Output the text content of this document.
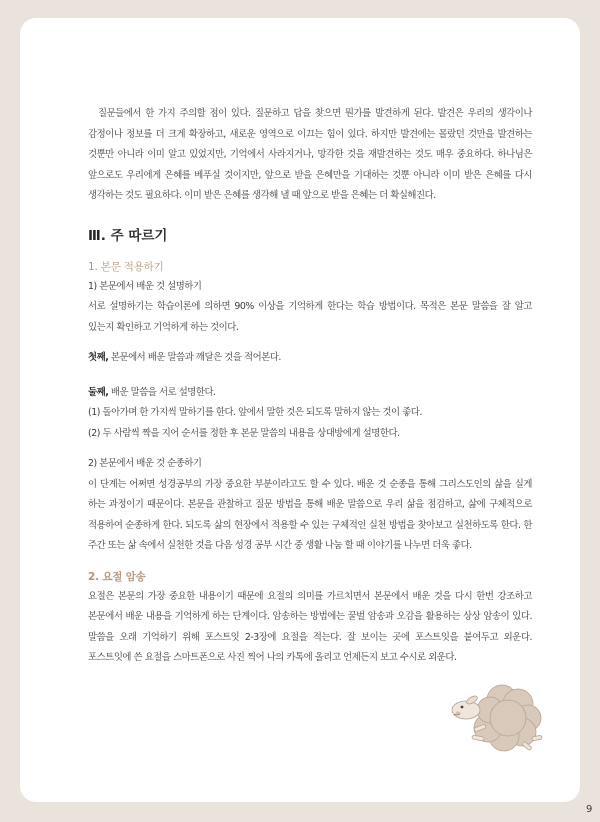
질문들에서 한 가지 주의할 점이 있다. 질문하고 답을 찾으면 뭔가를 발견하게 된다. 발견은 우리의 생각이나 감정이나 정보를 더 크게 확장하고, 새로운 영역으로 이끄는 힘이 있다. 하지만 발견에는 몰랐던 것만을 발견하는 것뿐만 아니라 이미 알고 있었지만, 기억에서 사라지거나, 망각한 것을 재발견하는 것도 매우 중요하다. 하나님은 앞으로도 우리에게 은혜를 베푸실 것이지만, 앞으로 받을 은혜만을 기대하는 것뿐 아니라 이미 받은 은혜를 다시 생각하는 것도 필요하다. 이미 받은 은혜를 생각해 낼 때 앞으로 받을 은혜는 더 확실해진다.

Ⅲ. 주 따르기

1. 본문 적용하기

1) 본문에서 배운 것 설명하기

서로 설명하기는 학습이론에 의하면 90% 이상을 기억하게 한다는 학습 방법이다. 목적은 본문 말씀을 잘 알고 있는지 확인하고 기억하게 하는 것이다.

첫째, 본문에서 배운 말씀과 깨달은 것을 적어본다.

둘째, 배운 말씀을 서로 설명한다.

(1) 돌아가며 한 가지씩 말하기를 한다. 앞에서 말한 것은 되도록 말하지 않는 것이 좋다.

(2) 두 사람씩 짝을 지어 순서를 정한 후 본문 말씀의 내용을 상대방에게 설명한다.

2) 본문에서 배운 것 순종하기

이 단계는 어쩌면 성경공부의 가장 중요한 부분이라고도 할 수 있다. 배운 것 순종을 통해 그리스도인의 삶을 실게 하는 과정이기 때문이다. 본문을 관찰하고 질문 방법을 통해 배운 말씀으로 우리 삶을 점검하고, 삶에 구체적으로 적용하여 순종하게 한다. 되도록 삶의 현장에서 적용할 수 있는 구체적인 실천 방법을 찾아보고 실천하도록 한다. 한 주간 또는 삶 속에서 실천한 것을 다음 성경 공부 시간 중 생활 나눔 할 때 이야기를 나누면 더욱 좋다.

2. 요절 암송

요절은 본문의 가장 중요한 내용이기 때문에 요절의 의미를 가르치면서 본문에서 배운 것을 다시 한번 강조하고 본문에서 배운 내용을 기억하게 하는 단계이다. 암송하는 방법에는 꿀벌 암송과 오감을 활용하는 상상 암송이 있다. 말씀을 오래 기억하기 위해 포스트잇 2-3장에 요절을 적는다. 잘 보이는 곳에 포스트잇을 붙여두고 외운다. 포스트잇에 쓴 요절을 스마트폰으로 사진 찍어 나의 카톡에 올리고 언제든지 보고 수시로 외운다.

9
